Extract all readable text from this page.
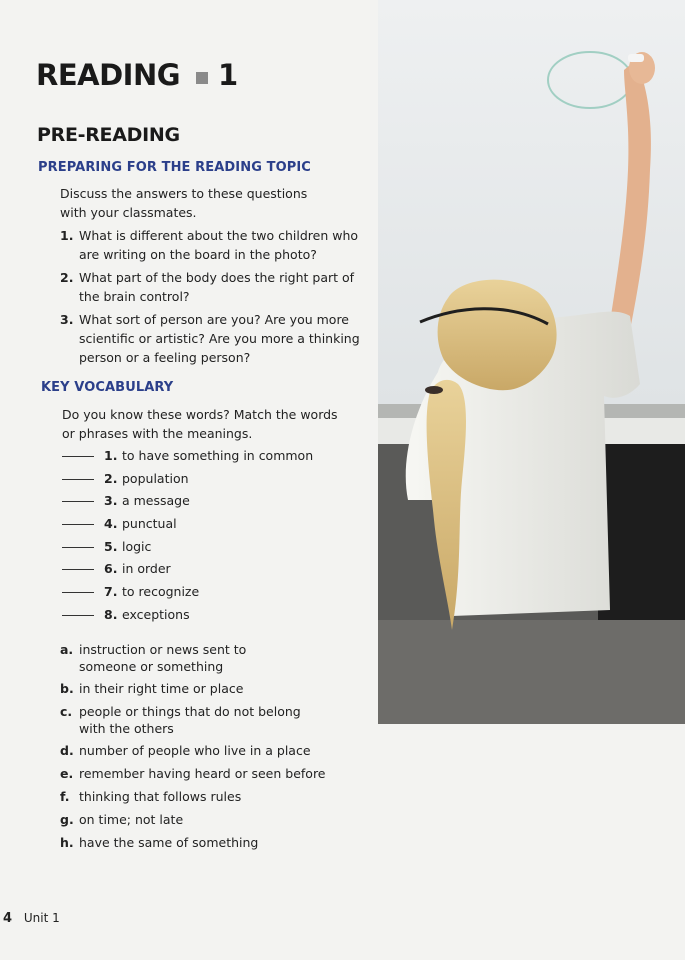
READING 1
PRE-READING
PREPARING FOR THE READING TOPIC
Discuss the answers to these questions with your classmates.
1. What is different about the two children who are writing on the board in the photo?
2. What part of the body does the right part of the brain control?
3. What sort of person are you? Are you more scientific or artistic? Are you more a thinking person or a feeling person?
KEY VOCABULARY
Do you know these words? Match the words or phrases with the meanings.
1. to have something in common
2. population
3. a message
4. punctual
5. logic
6. in order
7. to recognize
8. exceptions
a. instruction or news sent to someone or something
b. in their right time or place
c. people or things that do not belong with the others
d. number of people who live in a place
e. remember having heard or seen before
f. thinking that follows rules
g. on time; not late
h. have the same of something
4 Unit 1
